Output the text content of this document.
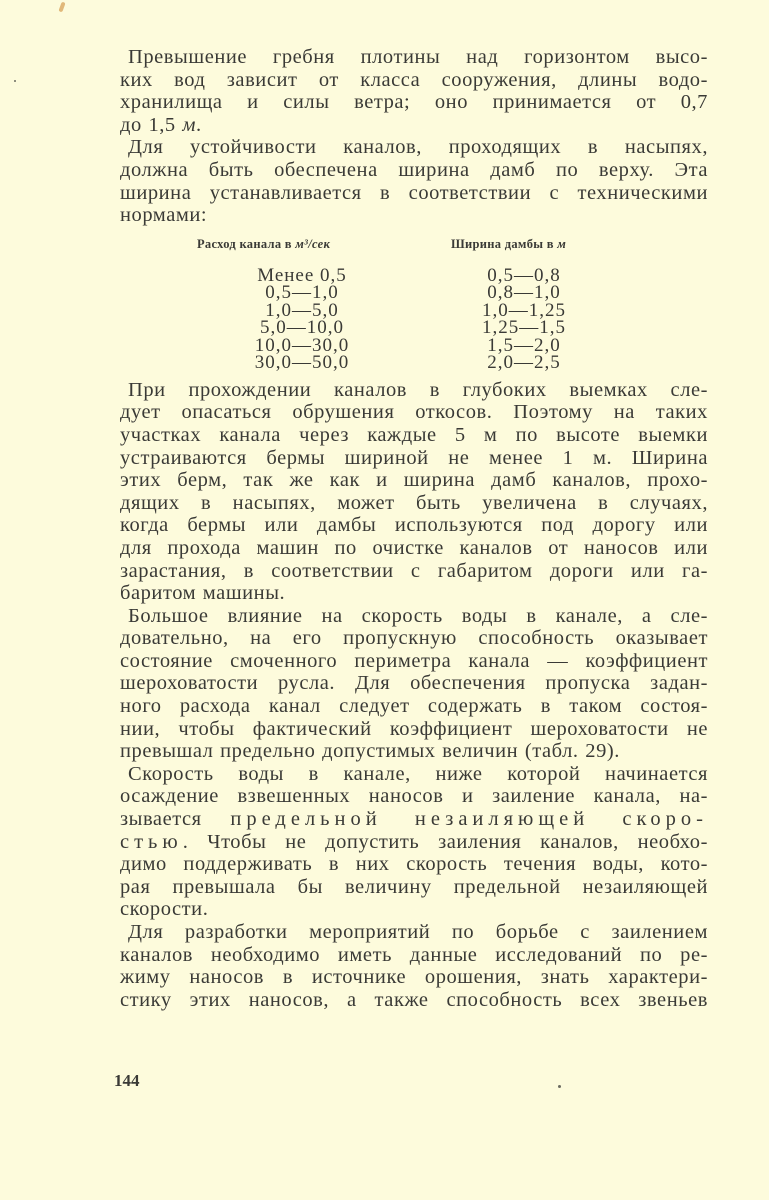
Превышение гребня плотины над горизонтом высо-
ких вод зависит от класса сооружения, длины водо-
хранилища и силы ветра; оно принимается от 0,7
до 1,5 м.

Для устойчивости каналов, проходящих в насыпях,
должна быть обеспечена ширина дамб по верху. Эта
ширина устанавливается в соответствии с техническими
нормами:

Расход канала в м³/сек	Ширина дамбы в м
Менее 0,5
0,5—1,0
1,0—5,0
5,0—10,0
10,0—30,0
30,0—50,0
0,5—0,8
0,8—1,0
1,0—1,25
1,25—1,5
1,5—2,0
2,0—2,5

При прохождении каналов в глубоких выемках сле-
дует опасаться обрушения откосов. Поэтому на таких
участках канала через каждые 5 м по высоте выемки
устраиваются бермы шириной не менее 1 м. Ширина
этих берм, так же как и ширина дамб каналов, прохо-
дящих в насыпях, может быть увеличена в случаях,
когда бермы или дамбы используются под дорогу или
для прохода машин по очистке каналов от наносов или
зарастания, в соответствии с габаритом дороги или га-
баритом машины.

Большое влияние на скорость воды в канале, а сле-
довательно, на его пропускную способность оказывает
состояние смоченного периметра канала — коэффициент
шероховатости русла. Для обеспечения пропуска задан-
ного расхода канал следует содержать в таком состоя-
нии, чтобы фактический коэффициент шероховатости не
превышал предельно допустимых величин (табл. 29).

Скорость воды в канале, ниже которой начинается
осаждение взвешенных наносов и заиление канала, на-
зывается предельной незаиляющей скоро-
стью. Чтобы не допустить заиления каналов, необхо-
димо поддерживать в них скорость течения воды, кото-
рая превышала бы величину предельной незаиляющей
скорости.

Для разработки мероприятий по борьбе с заилением
каналов необходимо иметь данные исследований по ре-
жиму наносов в источнике орошения, знать характери-
стику этих наносов, а также способность всех звеньев

144
